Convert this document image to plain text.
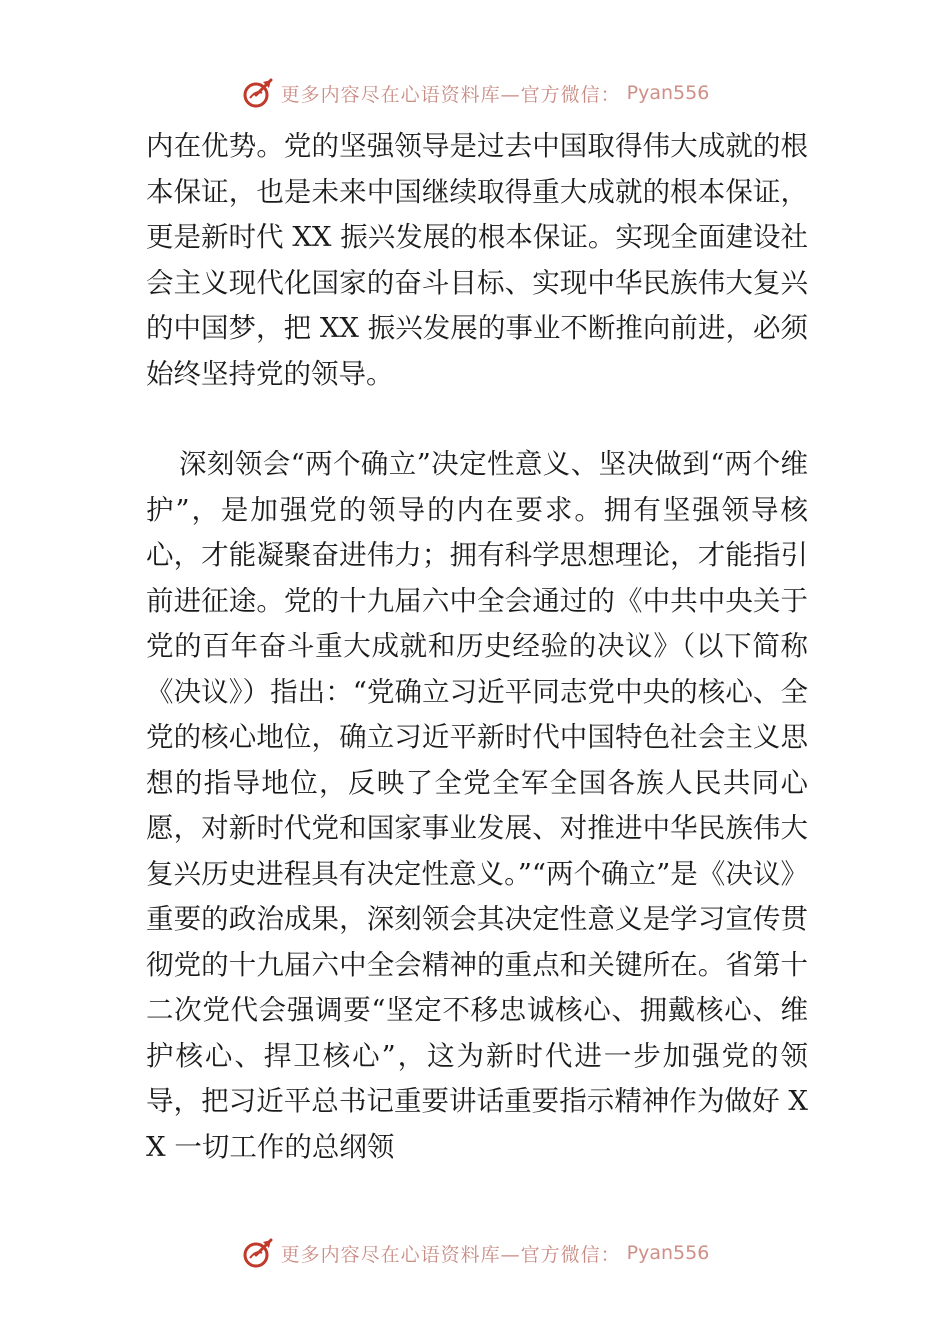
更多内容尽在心语资料库—官方微信： Pyan556

内在优势。党的坚强领导是过去中国取得伟大成就的根本保证，也是未来中国继续取得重大成就的根本保证，更是新时代 XX 振兴发展的根本保证。实现全面建设社会主义现代化国家的奋斗目标、实现中华民族伟大复兴的中国梦，把 XX 振兴发展的事业不断推向前进，必须始终坚持党的领导。

深刻领会“两个确立”决定性意义、坚决做到“两个维护”，是加强党的领导的内在要求。拥有坚强领导核心，才能凝聚奋进伟力；拥有科学思想理论，才能指引前进征途。党的十九届六中全会通过的《中共中央关于党的百年奋斗重大成就和历史经验的决议》（以下简称《决议》）指出：“党确立习近平同志党中央的核心、全党的核心地位，确立习近平新时代中国特色社会主义思想的指导地位，反映了全党全军全国各族人民共同心愿，对新时代党和国家事业发展、对推进中华民族伟大复兴历史进程具有决定性意义。”“两个确立”是《决议》重要的政治成果，深刻领会其决定性意义是学习宣传贯彻党的十九届六中全会精神的重点和关键所在。省第十二次党代会强调要“坚定不移忠诚核心、拥戴核心、维护核心、捍卫核心”，这为新时代进一步加强党的领导，把习近平总书记重要讲话重要指示精神作为做好 XX 一切工作的总纲领

更多内容尽在心语资料库—官方微信： Pyan556
